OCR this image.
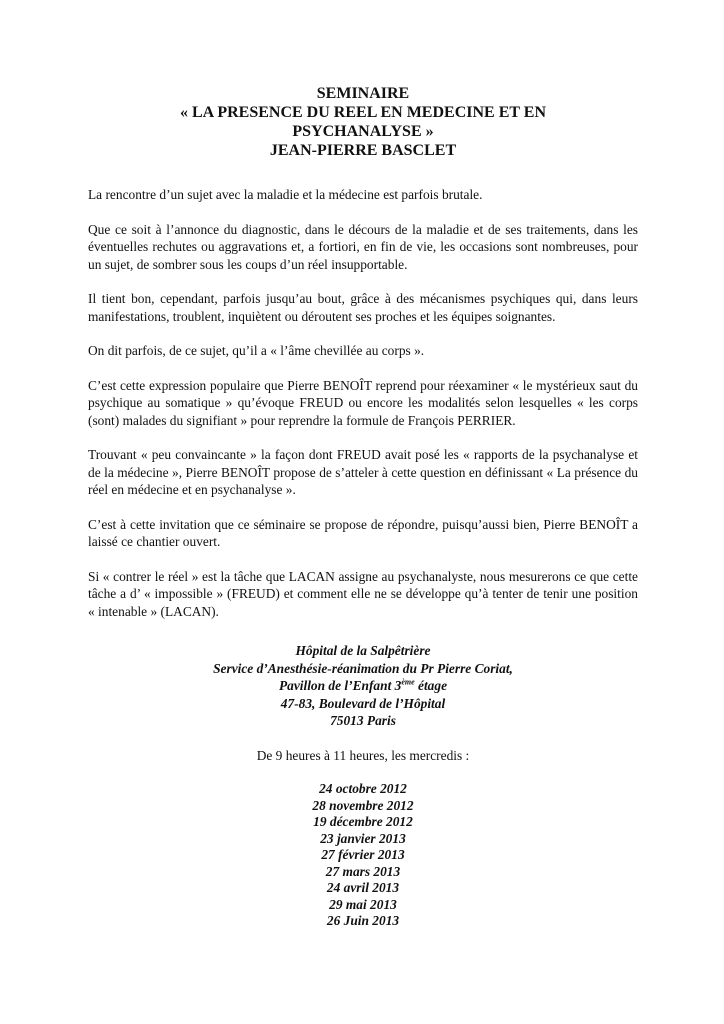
SEMINAIRE
« LA PRESENCE DU REEL EN MEDECINE ET EN
PSYCHANALYSE »
JEAN-PIERRE BASCLET

La rencontre d’un sujet avec la maladie et la médecine est parfois brutale.

Que ce soit à l’annonce du diagnostic, dans le décours de la maladie et de ses traitements, dans les éventuelles rechutes ou aggravations et, a fortiori, en fin de vie, les occasions sont nombreuses, pour un sujet, de sombrer sous les coups d’un réel insupportable.

Il tient bon, cependant, parfois jusqu’au bout, grâce à des mécanismes psychiques qui, dans leurs manifestations, troublent, inquiètent ou déroutent ses proches et les équipes soignantes.

On dit parfois, de ce sujet, qu’il a « l’âme chevillée au corps ».

C’est cette expression populaire que Pierre BENOÎT reprend pour réexaminer « le mystérieux saut du psychique au somatique » qu’évoque FREUD ou encore les modalités selon lesquelles « les corps (sont) malades du signifiant » pour reprendre la formule de François PERRIER.

Trouvant « peu convaincante » la façon dont FREUD avait posé les « rapports de la psychanalyse et de la médecine », Pierre BENOÎT propose de s’atteler à cette question en définissant « La présence du réel en médecine et en psychanalyse ».

C’est à cette invitation que ce séminaire se propose de répondre, puisqu’aussi bien, Pierre BENOÎT a laissé ce chantier ouvert.

Si « contrer le réel » est la tâche que LACAN assigne au psychanalyste, nous mesurerons ce que cette tâche a d’ « impossible » (FREUD) et comment elle ne se développe qu’à tenter de tenir une position « intenable » (LACAN).

Hôpital de la Salpêtrière
Service d’Anesthésie-réanimation du Pr Pierre Coriat,
Pavillon de l’Enfant 3ème étage
47-83, Boulevard de l’Hôpital
75013 Paris
De 9 heures à 11 heures, les mercredis :
24 octobre 2012
28 novembre 2012
19 décembre 2012
23 janvier 2013
27 février 2013
27 mars 2013
24 avril 2013
29 mai 2013
26 Juin 2013
